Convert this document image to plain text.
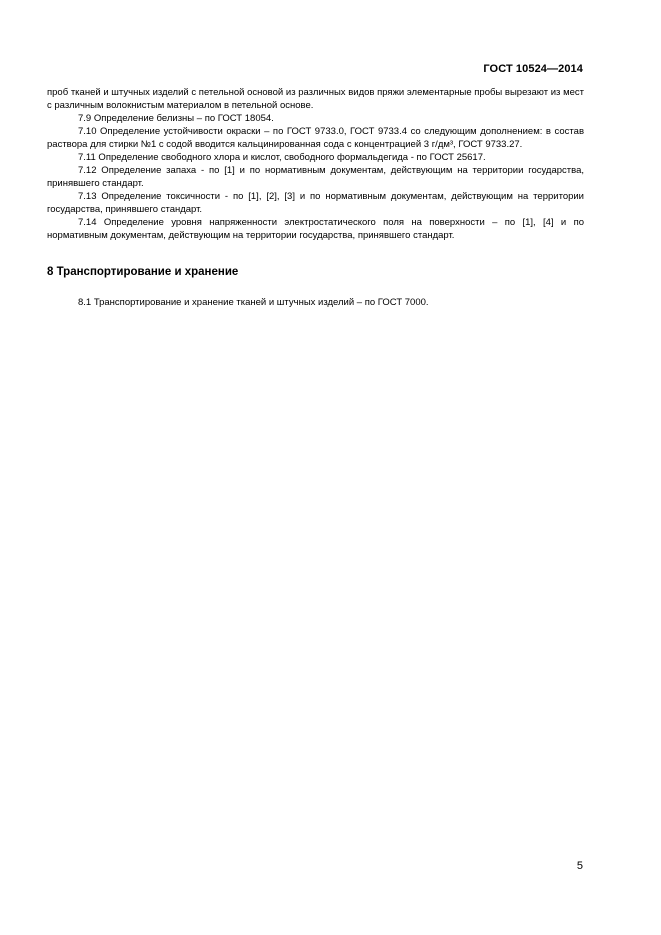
ГОСТ 10524—2014

проб тканей и штучных изделий с петельной основой из различных видов пряжи элементарные пробы вырезают из мест с различным волокнистым материалом в петельной основе.

7.9 Определение белизны – по ГОСТ 18054.

7.10 Определение устойчивости окраски – по ГОСТ 9733.0, ГОСТ 9733.4 со следующим дополнением: в состав раствора для стирки №1 с содой вводится кальцинированная сода с концентрацией 3 г/дм³, ГОСТ 9733.27.

7.11 Определение свободного хлора и кислот, свободного формальдегида - по ГОСТ 25617.

7.12 Определение запаха - по [1] и по нормативным документам, действующим на территории государства, принявшего стандарт.

7.13 Определение токсичности - по [1], [2], [3] и по нормативным документам, действующим на территории государства, принявшего стандарт.

7.14 Определение уровня напряженности электростатического поля на поверхности – по [1], [4] и по нормативным документам, действующим на территории государства, принявшего стандарт.

8 Транспортирование и хранение

8.1 Транспортирование и хранение тканей и штучных изделий – по ГОСТ 7000.

5
